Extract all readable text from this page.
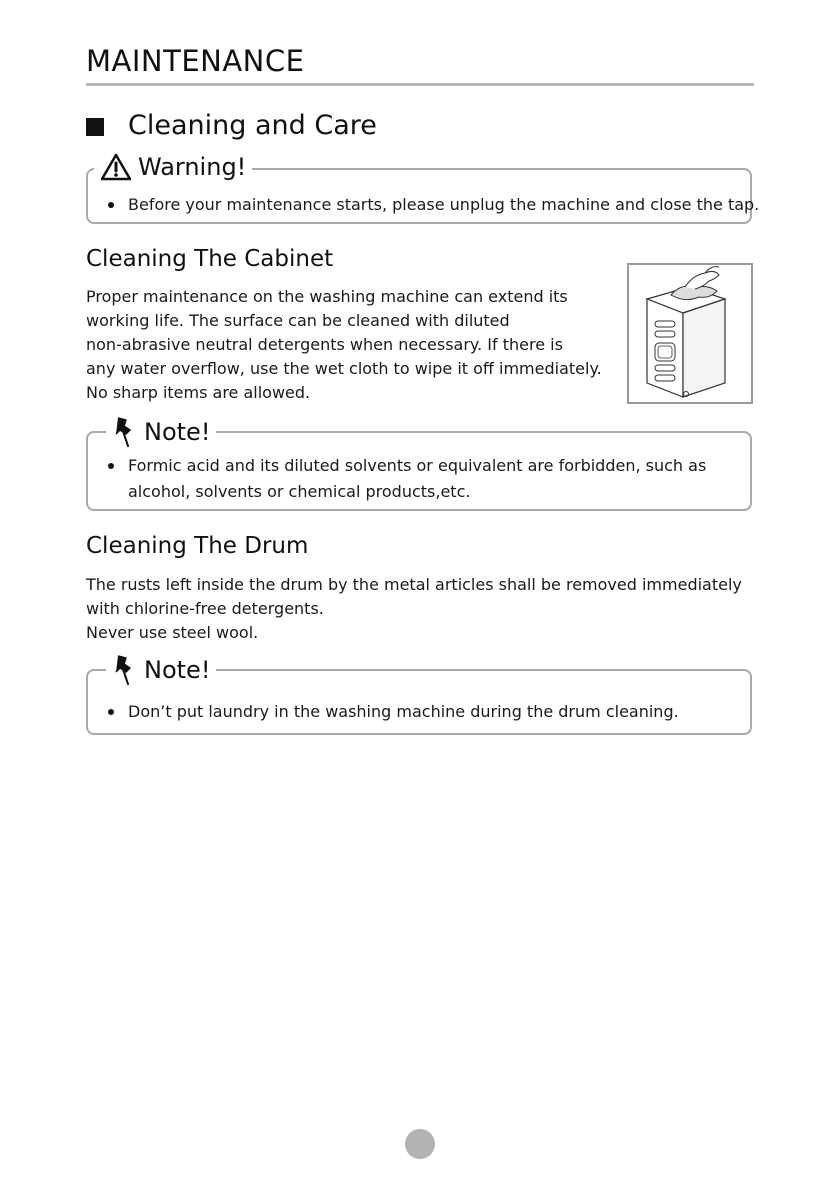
MAINTENANCE
Cleaning and Care
Warning!
Before your maintenance starts, please unplug the machine and close the tap.
Cleaning The Cabinet
Proper maintenance on the washing machine can extend its
working life. The surface can be cleaned with diluted
non-abrasive neutral detergents when necessary. If there is
any water overflow, use the wet cloth to wipe it off immediately.
No sharp items are allowed.
Note!
Formic acid and its diluted solvents or equivalent are forbidden, such as
alcohol, solvents or chemical products,etc.
Cleaning The Drum
The rusts left inside the drum by the metal articles shall be removed immediately
with chlorine-free detergents.
Never use steel wool.
Note!
Don’t put laundry in the washing machine during the drum cleaning.
